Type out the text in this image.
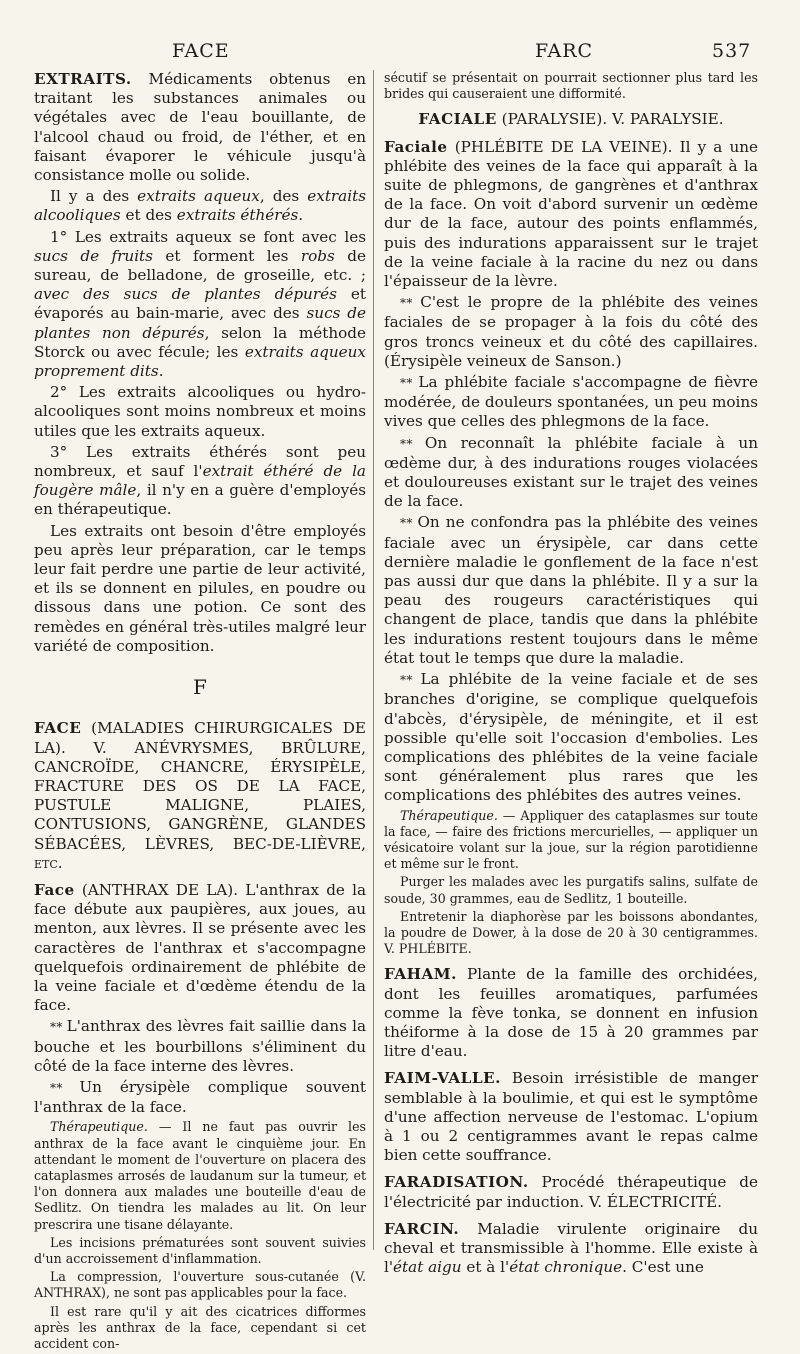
FACE	FARC	537

EXTRAITS. Médicaments obtenus en traitant les substances animales ou végétales avec de l'eau bouillante, de l'alcool chaud ou froid, de l'éther, et en faisant évaporer le véhicule jusqu'à consistance molle ou solide.

Il y a des extraits aqueux, des extraits alcooliques et des extraits éthérés.

1° Les extraits aqueux se font avec les sucs de fruits et forment les robs de sureau, de belladone, de groseille, etc. ; avec des sucs de plantes dépurés et évaporés au bain-marie, avec des sucs de plantes non dépurés, selon la méthode Storck ou avec fécule; les extraits aqueux proprement dits.

2° Les extraits alcooliques ou hydro-alcooliques sont moins nombreux et moins utiles que les extraits aqueux.

3° Les extraits éthérés sont peu nombreux, et sauf l'extrait éthéré de la fougère mâle, il n'y en a guère d'employés en thérapeutique.

Les extraits ont besoin d'être employés peu après leur préparation, car le temps leur fait perdre une partie de leur activité, et ils se donnent en pilules, en poudre ou dissous dans une potion. Ce sont des remèdes en général très-utiles malgré leur variété de composition.

F

FACE (MALADIES CHIRURGICALES DE LA). V. ANÉVRYSMES, BRÛLURE, CANCROÏDE, CHANCRE, ÉRYSIPÈLE, FRACTURE DES OS DE LA FACE, PUSTULE MALIGNE, PLAIES, CONTUSIONS, GANGRÈNE, GLANDES SÉBACÉES, LÈVRES, BEC-DE-LIÈVRE, etc.

Face (ANTHRAX DE LA). L'anthrax de la face débute aux paupières, aux joues, au menton, aux lèvres. Il se présente avec les caractères de l'anthrax et s'accompagne quelquefois ordinairement de phlébite de la veine faciale et d'œdème étendu de la face.

* * L'anthrax des lèvres fait saillie dans la bouche et les bourbillons s'éliminent du côté de la face interne des lèvres.

* * Un érysipèle complique souvent l'anthrax de la face.

Thérapeutique. — Il ne faut pas ouvrir les anthrax de la face avant le cinquième jour. En attendant le moment de l'ouverture on placera des cataplasmes arrosés de laudanum sur la tumeur, et l'on donnera aux malades une bouteille d'eau de Sedlitz. On tiendra les malades au lit. On leur prescrira une tisane délayante.

Les incisions prématurées sont souvent suivies d'un accroissement d'inflammation.

La compression, l'ouverture sous-cutanée (V. ANTHRAX), ne sont pas applicables pour la face.

Il est rare qu'il y ait des cicatrices difformes après les anthrax de la face, cependant si cet accident con-

sécutif se présentait on pourrait sectionner plus tard les brides qui causeraient une difformité.

FACIALE (PARALYSIE). V. PARALYSIE.

Faciale (PHLÉBITE DE LA VEINE). Il y a une phlébite des veines de la face qui apparaît à la suite de phlegmons, de gangrènes et d'anthrax de la face. On voit d'abord survenir un œdème dur de la face, autour des points enflammés, puis des indurations apparaissent sur le trajet de la veine faciale à la racine du nez ou dans l'épaisseur de la lèvre.

* * C'est le propre de la phlébite des veines faciales de se propager à la fois du côté des gros troncs veineux et du côté des capillaires. (Érysipèle veineux de Sanson.)

* * La phlébite faciale s'accompagne de fièvre modérée, de douleurs spontanées, un peu moins vives que celles des phlegmons de la face.

* * On reconnaît la phlébite faciale à un œdème dur, à des indurations rouges violacées et douloureuses existant sur le trajet des veines de la face.

* * On ne confondra pas la phlébite des veines faciale avec un érysipèle, car dans cette dernière maladie le gonflement de la face n'est pas aussi dur que dans la phlébite. Il y a sur la peau des rougeurs caractéristiques qui changent de place, tandis que dans la phlébite les indurations restent toujours dans le même état tout le temps que dure la maladie.

* * La phlébite de la veine faciale et de ses branches d'origine, se complique quelquefois d'abcès, d'érysipèle, de méningite, et il est possible qu'elle soit l'occasion d'embolies. Les complications des phlébites de la veine faciale sont généralement plus rares que les complications des phlébites des autres veines.

Thérapeutique. — Appliquer des cataplasmes sur toute la face, — faire des frictions mercurielles, — appliquer un vésicatoire volant sur la joue, sur la région parotidienne et même sur le front.

Purger les malades avec les purgatifs salins, sulfate de soude, 30 grammes, eau de Sedlitz, 1 bouteille.

Entretenir la diaphorèse par les boissons abondantes, la poudre de Dower, à la dose de 20 à 30 centigrammes. V. PHLÉBITE.

FAHAM. Plante de la famille des orchidées, dont les feuilles aromatiques, parfumées comme la fève tonka, se donnent en infusion théiforme à la dose de 15 à 20 grammes par litre d'eau.

FAIM-VALLE. Besoin irrésistible de manger semblable à la boulimie, et qui est le symptôme d'une affection nerveuse de l'estomac. L'opium à 1 ou 2 centigrammes avant le repas calme bien cette souffrance.

FARADISATION. Procédé thérapeutique de l'électricité par induction. V. ÉLECTRICITÉ.

FARCIN. Maladie virulente originaire du cheval et transmissible à l'homme. Elle existe à l'état aigu et à l'état chronique. C'est une
